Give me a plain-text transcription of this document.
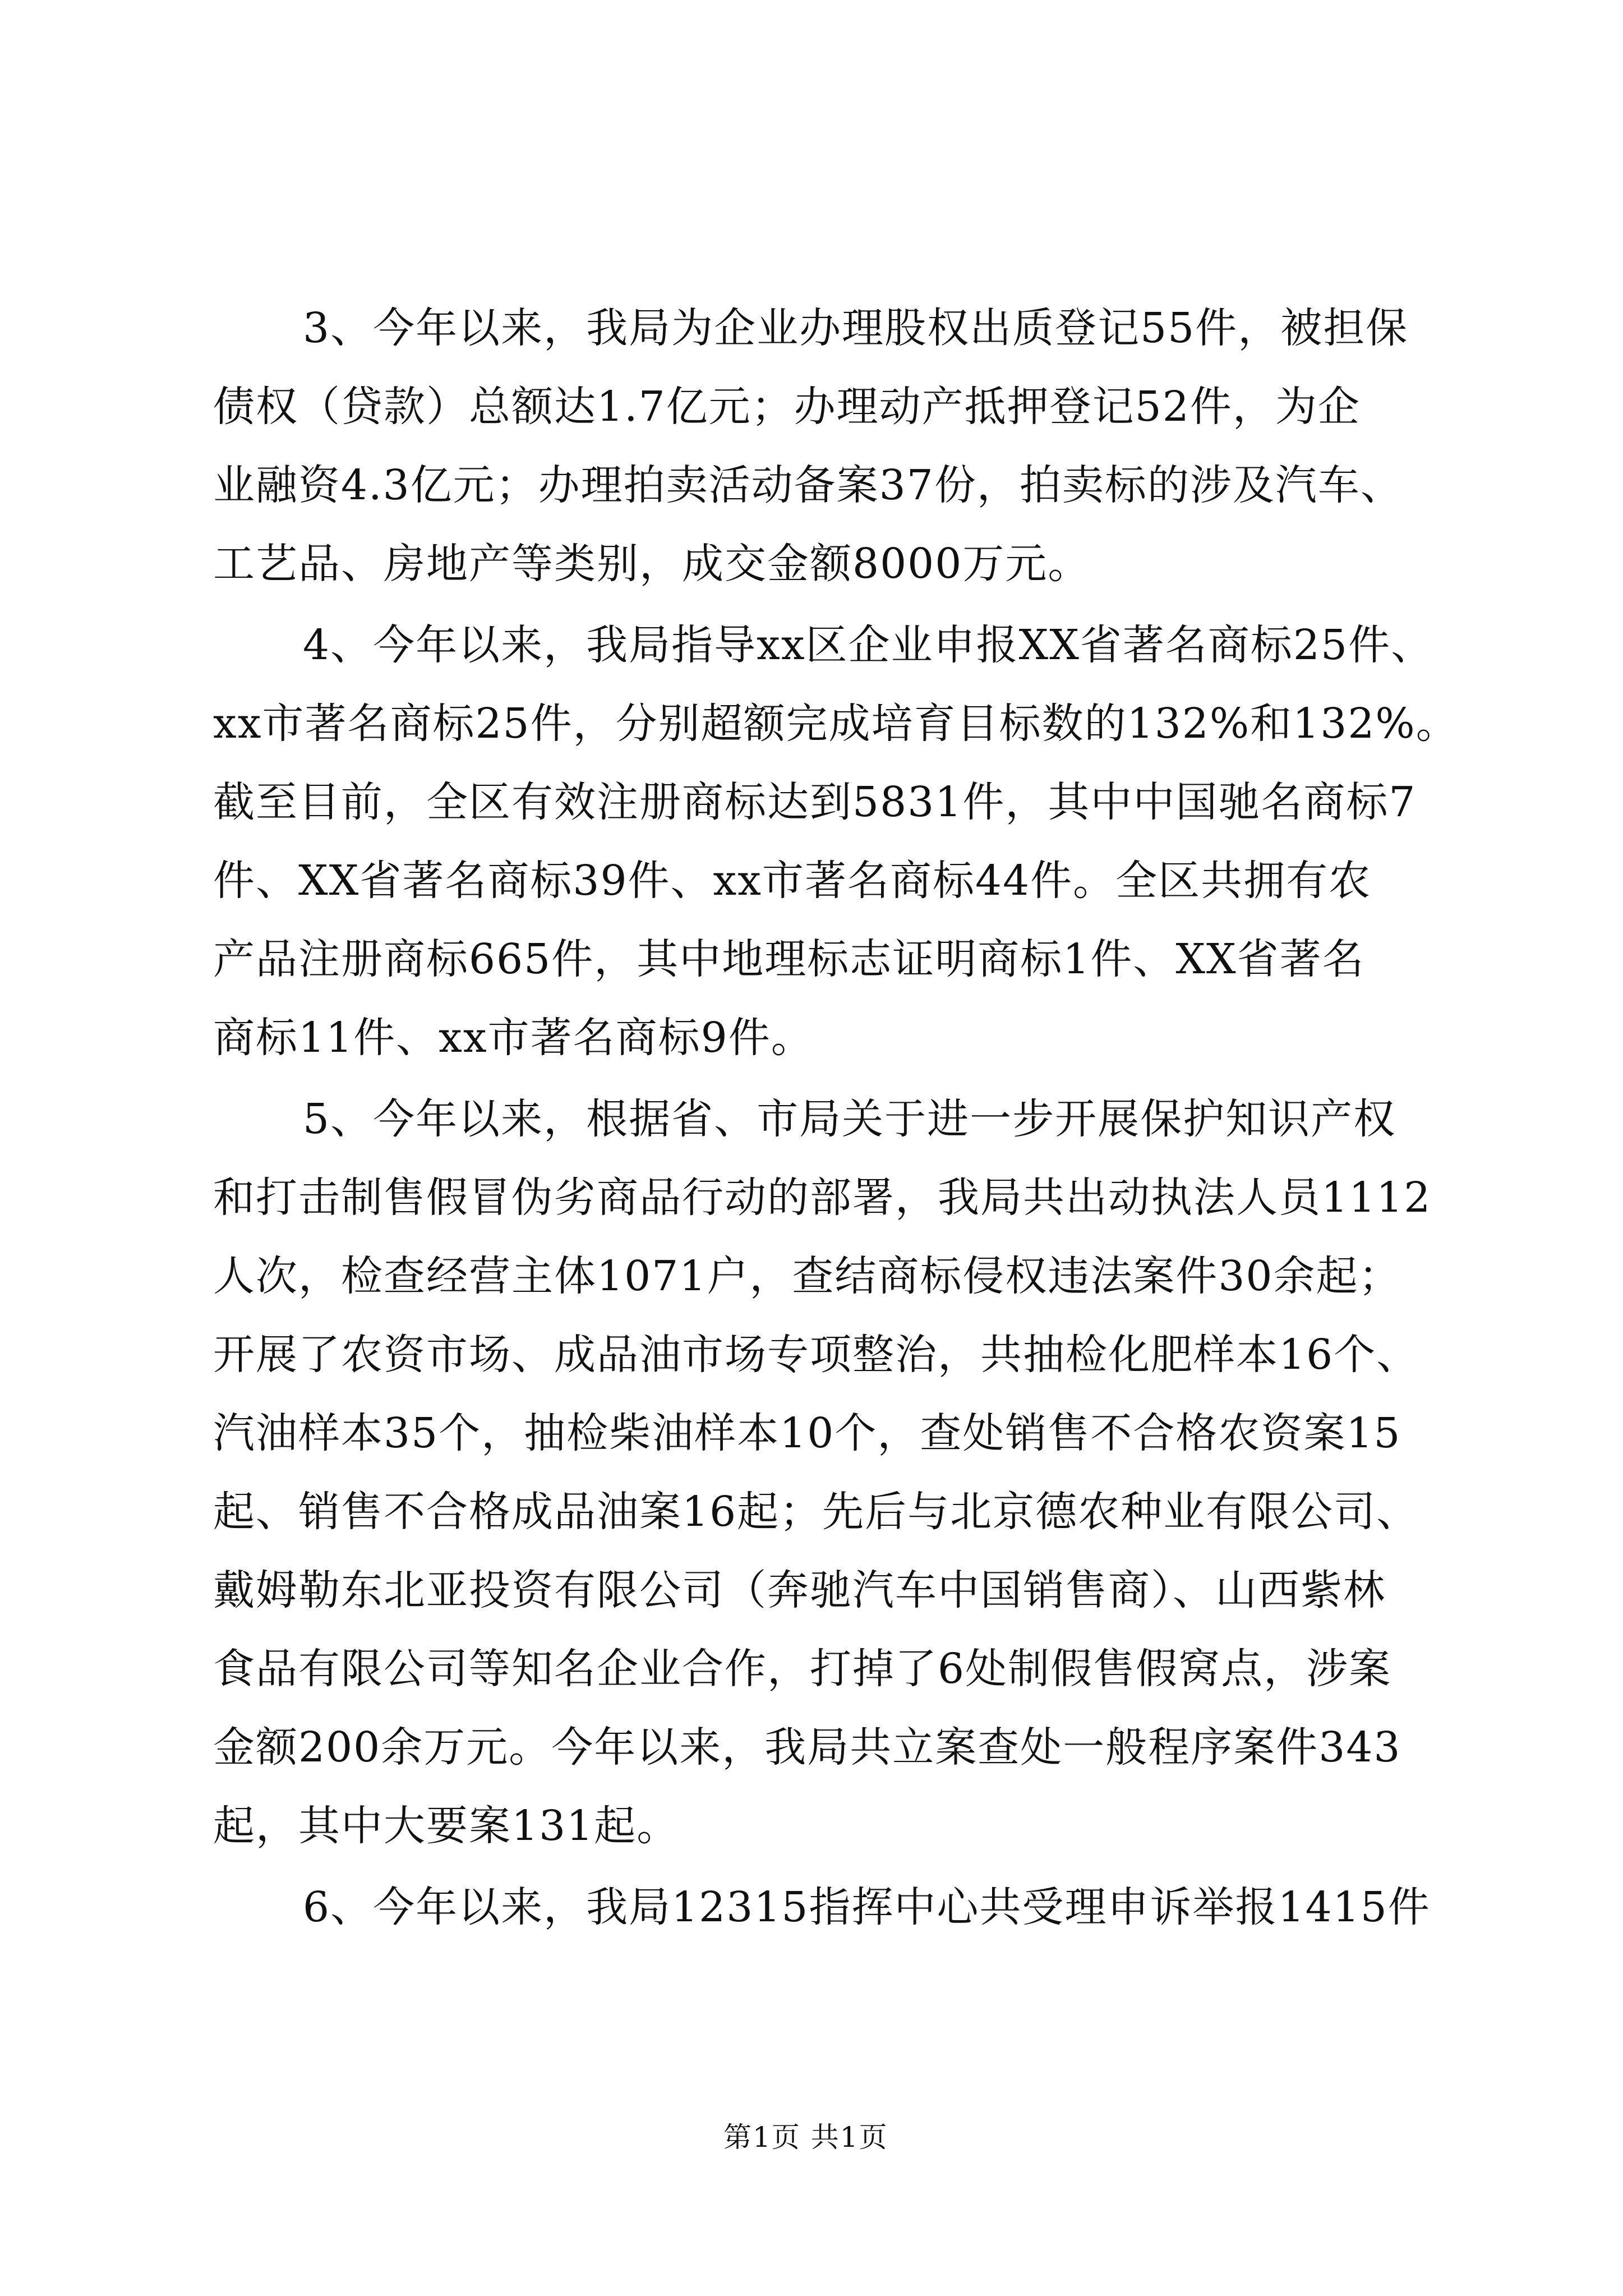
3、今年以来，我局为企业办理股权出质登记55件，被担保
债权（贷款）总额达1.7亿元；办理动产抵押登记52件，为企
业融资4.3亿元；办理拍卖活动备案37份，拍卖标的涉及汽车、
工艺品、房地产等类别，成交金额8000万元。
4、今年以来，我局指导xx区企业申报XX省著名商标25件、
xx市著名商标25件，分别超额完成培育目标数的132%和132%。
截至目前，全区有效注册商标达到5831件，其中中国驰名商标7
件、XX省著名商标39件、xx市著名商标44件。全区共拥有农
产品注册商标665件，其中地理标志证明商标1件、XX省著名
商标11件、xx市著名商标9件。
5、今年以来，根据省、市局关于进一步开展保护知识产权
和打击制售假冒伪劣商品行动的部署，我局共出动执法人员1112
人次，检查经营主体1071户，查结商标侵权违法案件30余起；
开展了农资市场、成品油市场专项整治，共抽检化肥样本16个、
汽油样本35个，抽检柴油样本10个，查处销售不合格农资案15
起、销售不合格成品油案16起；先后与北京德农种业有限公司、
戴姆勒东北亚投资有限公司（奔驰汽车中国销售商）、山西紫林
食品有限公司等知名企业合作，打掉了6处制假售假窝点，涉案
金额200余万元。今年以来，我局共立案查处一般程序案件343
起，其中大要案131起。
6、今年以来，我局12315指挥中心共受理申诉举报1415件
第1页 共1页
